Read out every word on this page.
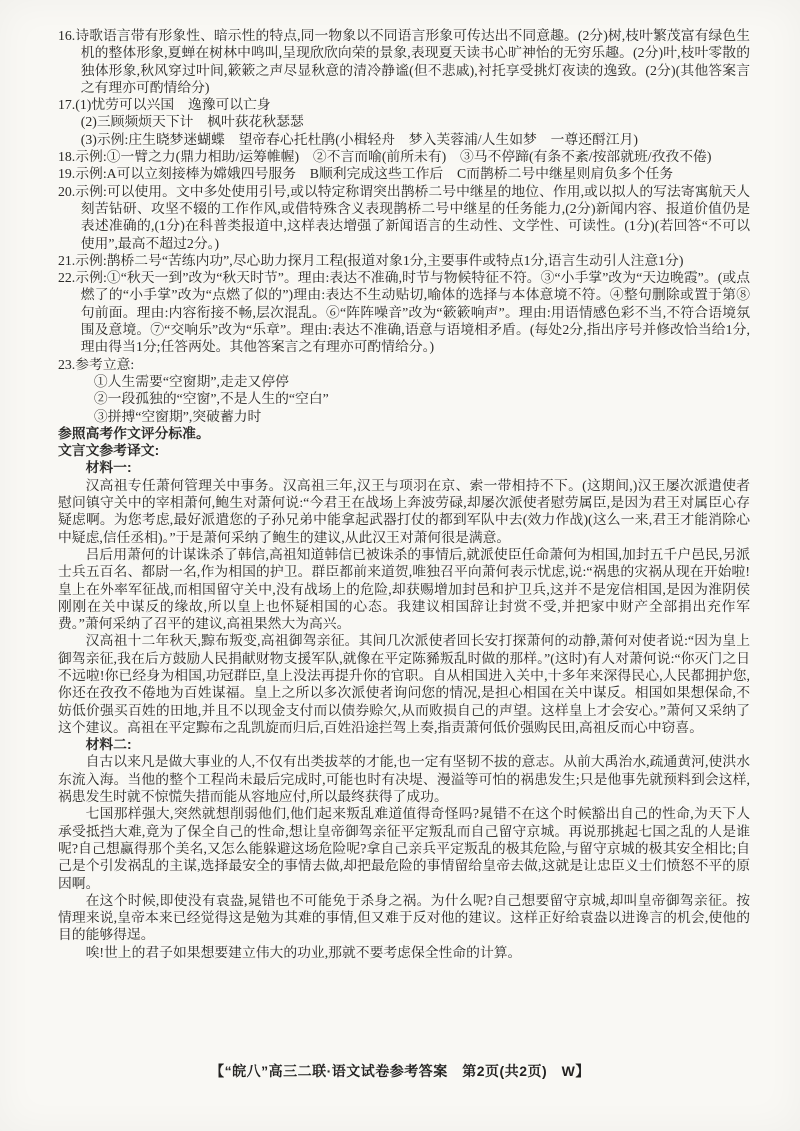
16.诗歌语言带有形象性、暗示性的特点,同一物象以不同语言形象可传达出不同意趣。(2分)树,枝叶繁茂富有绿色生机的整体形象,夏蝉在树林中鸣叫,呈现欣欣向荣的景象,表现夏天读书心旷神怡的无穷乐趣。(2分)叶,枝叶零散的独体形象,秋风穿过叶间,簌簌之声尽显秋意的清冷静谧(但不悲戚),衬托享受挑灯夜读的逸致。(2分)(其他答案言之有理亦可酌情给分)

17.(1)忧劳可以兴国　逸豫可以亡身

(2)三顾频烦天下计　枫叶荻花秋瑟瑟

(3)示例:庄生晓梦迷蝴蝶　望帝春心托杜鹃(小楫轻舟　梦入芙蓉浦/人生如梦　一尊还酹江月)

18.示例:①一臂之力(鼎力相助/运筹帷幄)　②不言而喻(前所未有)　③马不停蹄(有条不紊/按部就班/孜孜不倦)

19.示例:A可以立刻接棒为嫦娥四号服务　B顺利完成这些工作后　C而鹊桥二号中继星则肩负多个任务

20.示例:可以使用。文中多处使用引号,或以特定称谓突出鹊桥二号中继星的地位、作用,或以拟人的写法寄寓航天人刻苦钻研、攻坚不辍的工作作风,或借特殊含义表现鹊桥二号中继星的任务能力,(2分)新闻内容、报道价值仍是表述准确的,(1分)在科普类报道中,这样表达增强了新闻语言的生动性、文学性、可读性。(1分)(若回答“不可以使用”,最高不超过2分。)

21.示例:鹊桥二号“苦练内功”,尽心助力探月工程(报道对象1分,主要事件或特点1分,语言生动引人注意1分)

22.示例:①“秋天一到”改为“秋天时节”。理由:表达不准确,时节与物候特征不符。③“小手掌”改为“天边晚霞”。(或点燃了的“小手掌”改为“点燃了似的”)理由:表达不生动贴切,喻体的选择与本体意境不符。④整句删除或置于第⑧句前面。理由:内容衔接不畅,层次混乱。⑥“阵阵噪音”改为“簌簌响声”。理由:用语情感色彩不当,不符合语境氛围及意境。⑦“交响乐”改为“乐章”。理由:表达不准确,语意与语境相矛盾。(每处2分,指出序号并修改恰当给1分,理由得当1分;任答两处。其他答案言之有理亦可酌情给分。)

23.参考立意:

①人生需要“空窗期”,走走又停停

②一段孤独的“空窗”,不是人生的“空白”

③拼搏“空窗期”,突破蓄力时

参照高考作文评分标准。

文言文参考译文:

材料一:

汉高祖专任萧何管理关中事务。汉高祖三年,汉王与项羽在京、索一带相持不下。(这期间,)汉王屡次派遣使者慰问镇守关中的宰相萧何,鲍生对萧何说:“今君王在战场上奔波劳碌,却屡次派使者慰劳属臣,是因为君王对属臣心存疑虑啊。为您考虑,最好派遣您的子孙兄弟中能拿起武器打仗的都到军队中去(效力作战)(这么一来,君王才能消除心中疑虑,信任丞相)。”于是萧何采纳了鲍生的建议,从此汉王对萧何很是满意。

吕后用萧何的计谋诛杀了韩信,高祖知道韩信已被诛杀的事情后,就派使臣任命萧何为相国,加封五千户邑民,另派士兵五百名、都尉一名,作为相国的护卫。群臣都前来道贺,唯独召平向萧何表示忧虑,说:“祸患的灾祸从现在开始啦!皇上在外率军征战,而相国留守关中,没有战场上的危险,却获赐增加封邑和护卫兵,这并不是宠信相国,是因为淮阴侯刚刚在关中谋反的缘故,所以皇上也怀疑相国的心态。我建议相国辞让封赏不受,并把家中财产全部捐出充作军费。”萧何采纳了召平的建议,高祖果然大为高兴。

汉高祖十二年秋天,黥布叛变,高祖御驾亲征。其间几次派使者回长安打探萧何的动静,萧何对使者说:“因为皇上御驾亲征,我在后方鼓励人民捐献财物支援军队,就像在平定陈豨叛乱时做的那样。”(这时)有人对萧何说:“你灭门之日不远啦!你已经身为相国,功冠群臣,皇上没法再提升你的官职。自从相国进入关中,十多年来深得民心,人民都拥护您,你还在孜孜不倦地为百姓谋福。皇上之所以多次派使者询问您的情况,是担心相国在关中谋反。相国如果想保命,不妨低价强买百姓的田地,并且不以现金支付而以债券赊欠,从而败损自己的声望。这样皇上才会安心。”萧何又采纳了这个建议。高祖在平定黥布之乱凯旋而归后,百姓沿途拦驾上奏,指责萧何低价强购民田,高祖反而心中窃喜。

材料二:

自古以来凡是做大事业的人,不仅有出类拔萃的才能,也一定有坚韧不拔的意志。从前大禹治水,疏通黄河,使洪水东流入海。当他的整个工程尚未最后完成时,可能也时有决堤、漫溢等可怕的祸患发生;只是他事先就预料到会这样,祸患发生时就不惊慌失措而能从容地应付,所以最终获得了成功。

七国那样强大,突然就想削弱他们,他们起来叛乱难道值得奇怪吗?晁错不在这个时候豁出自己的性命,为天下人承受抵挡大难,竟为了保全自己的性命,想让皇帝御驾亲征平定叛乱而自己留守京城。再说那挑起七国之乱的人是谁呢?自己想赢得那个美名,又怎么能躲避这场危险呢?拿自己亲兵平定叛乱的极其危险,与留守京城的极其安全相比;自己是个引发祸乱的主谋,选择最安全的事情去做,却把最危险的事情留给皇帝去做,这就是让忠臣义士们愤怒不平的原因啊。

在这个时候,即使没有袁盎,晁错也不可能免于杀身之祸。为什么呢?自己想要留守京城,却叫皇帝御驾亲征。按情理来说,皇帝本来已经觉得这是勉为其难的事情,但又难于反对他的建议。这样正好给袁盎以进谗言的机会,使他的目的能够得逞。

唉!世上的君子如果想要建立伟大的功业,那就不要考虑保全性命的计算。

【“皖八”高三二联·语文试卷参考答案　第2页(共2页)　W】
